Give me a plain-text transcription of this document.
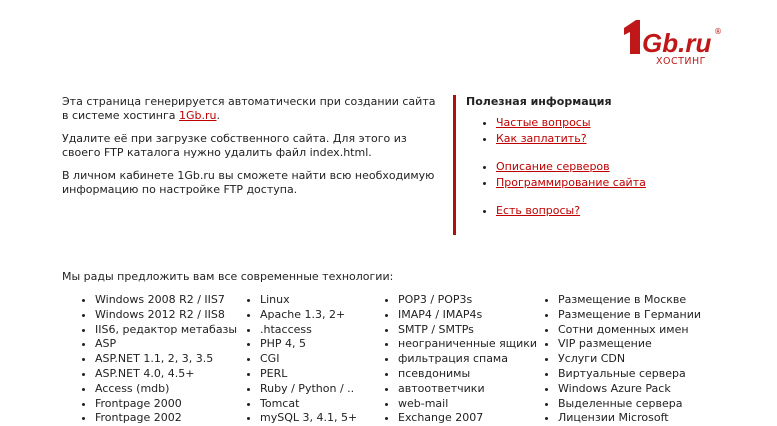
Gb.ru ®
ХОСТИНГ

Эта страница генерируется автоматически при создании сайта в системе хостинга 1Gb.ru.

Удалите её при загрузке собственного сайта. Для этого из своего FTP каталога нужно удалить файл index.html.

В личном кабинете 1Gb.ru вы сможете найти всю необходимую информацию по настройке FTP доступа.

Полезная информация
• Частые вопросы
• Как заплатить?
• Описание серверов
• Программирование сайта
• Есть вопросы?
Мы рады предложить вам все современные технологии:
• Windows 2008 R2 / IIS7
• Windows 2012 R2 / IIS8
• IIS6, редактор метабазы
• ASP
• ASP.NET 1.1, 2, 3, 3.5
• ASP.NET 4.0, 4.5+
• Access (mdb)
• Frontpage 2000
• Frontpage 2002
• Linux
• Apache 1.3, 2+
• .htaccess
• PHP 4, 5
• CGI
• PERL
• Ruby / Python / ..
• Tomcat
• mySQL 3, 4.1, 5+
• POP3 / POP3s
• IMAP4 / IMAP4s
• SMTP / SMTPs
• неограниченные ящики
• фильтрация спама
• псевдонимы
• автоответчики
• web-mail
• Exchange 2007
• Размещение в Москве
• Размещение в Германии
• Сотни доменных имен
• VIP размещение
• Услуги CDN
• Виртуальные сервера
• Windows Azure Pack
• Выделенные сервера
• Лицензии Microsoft
